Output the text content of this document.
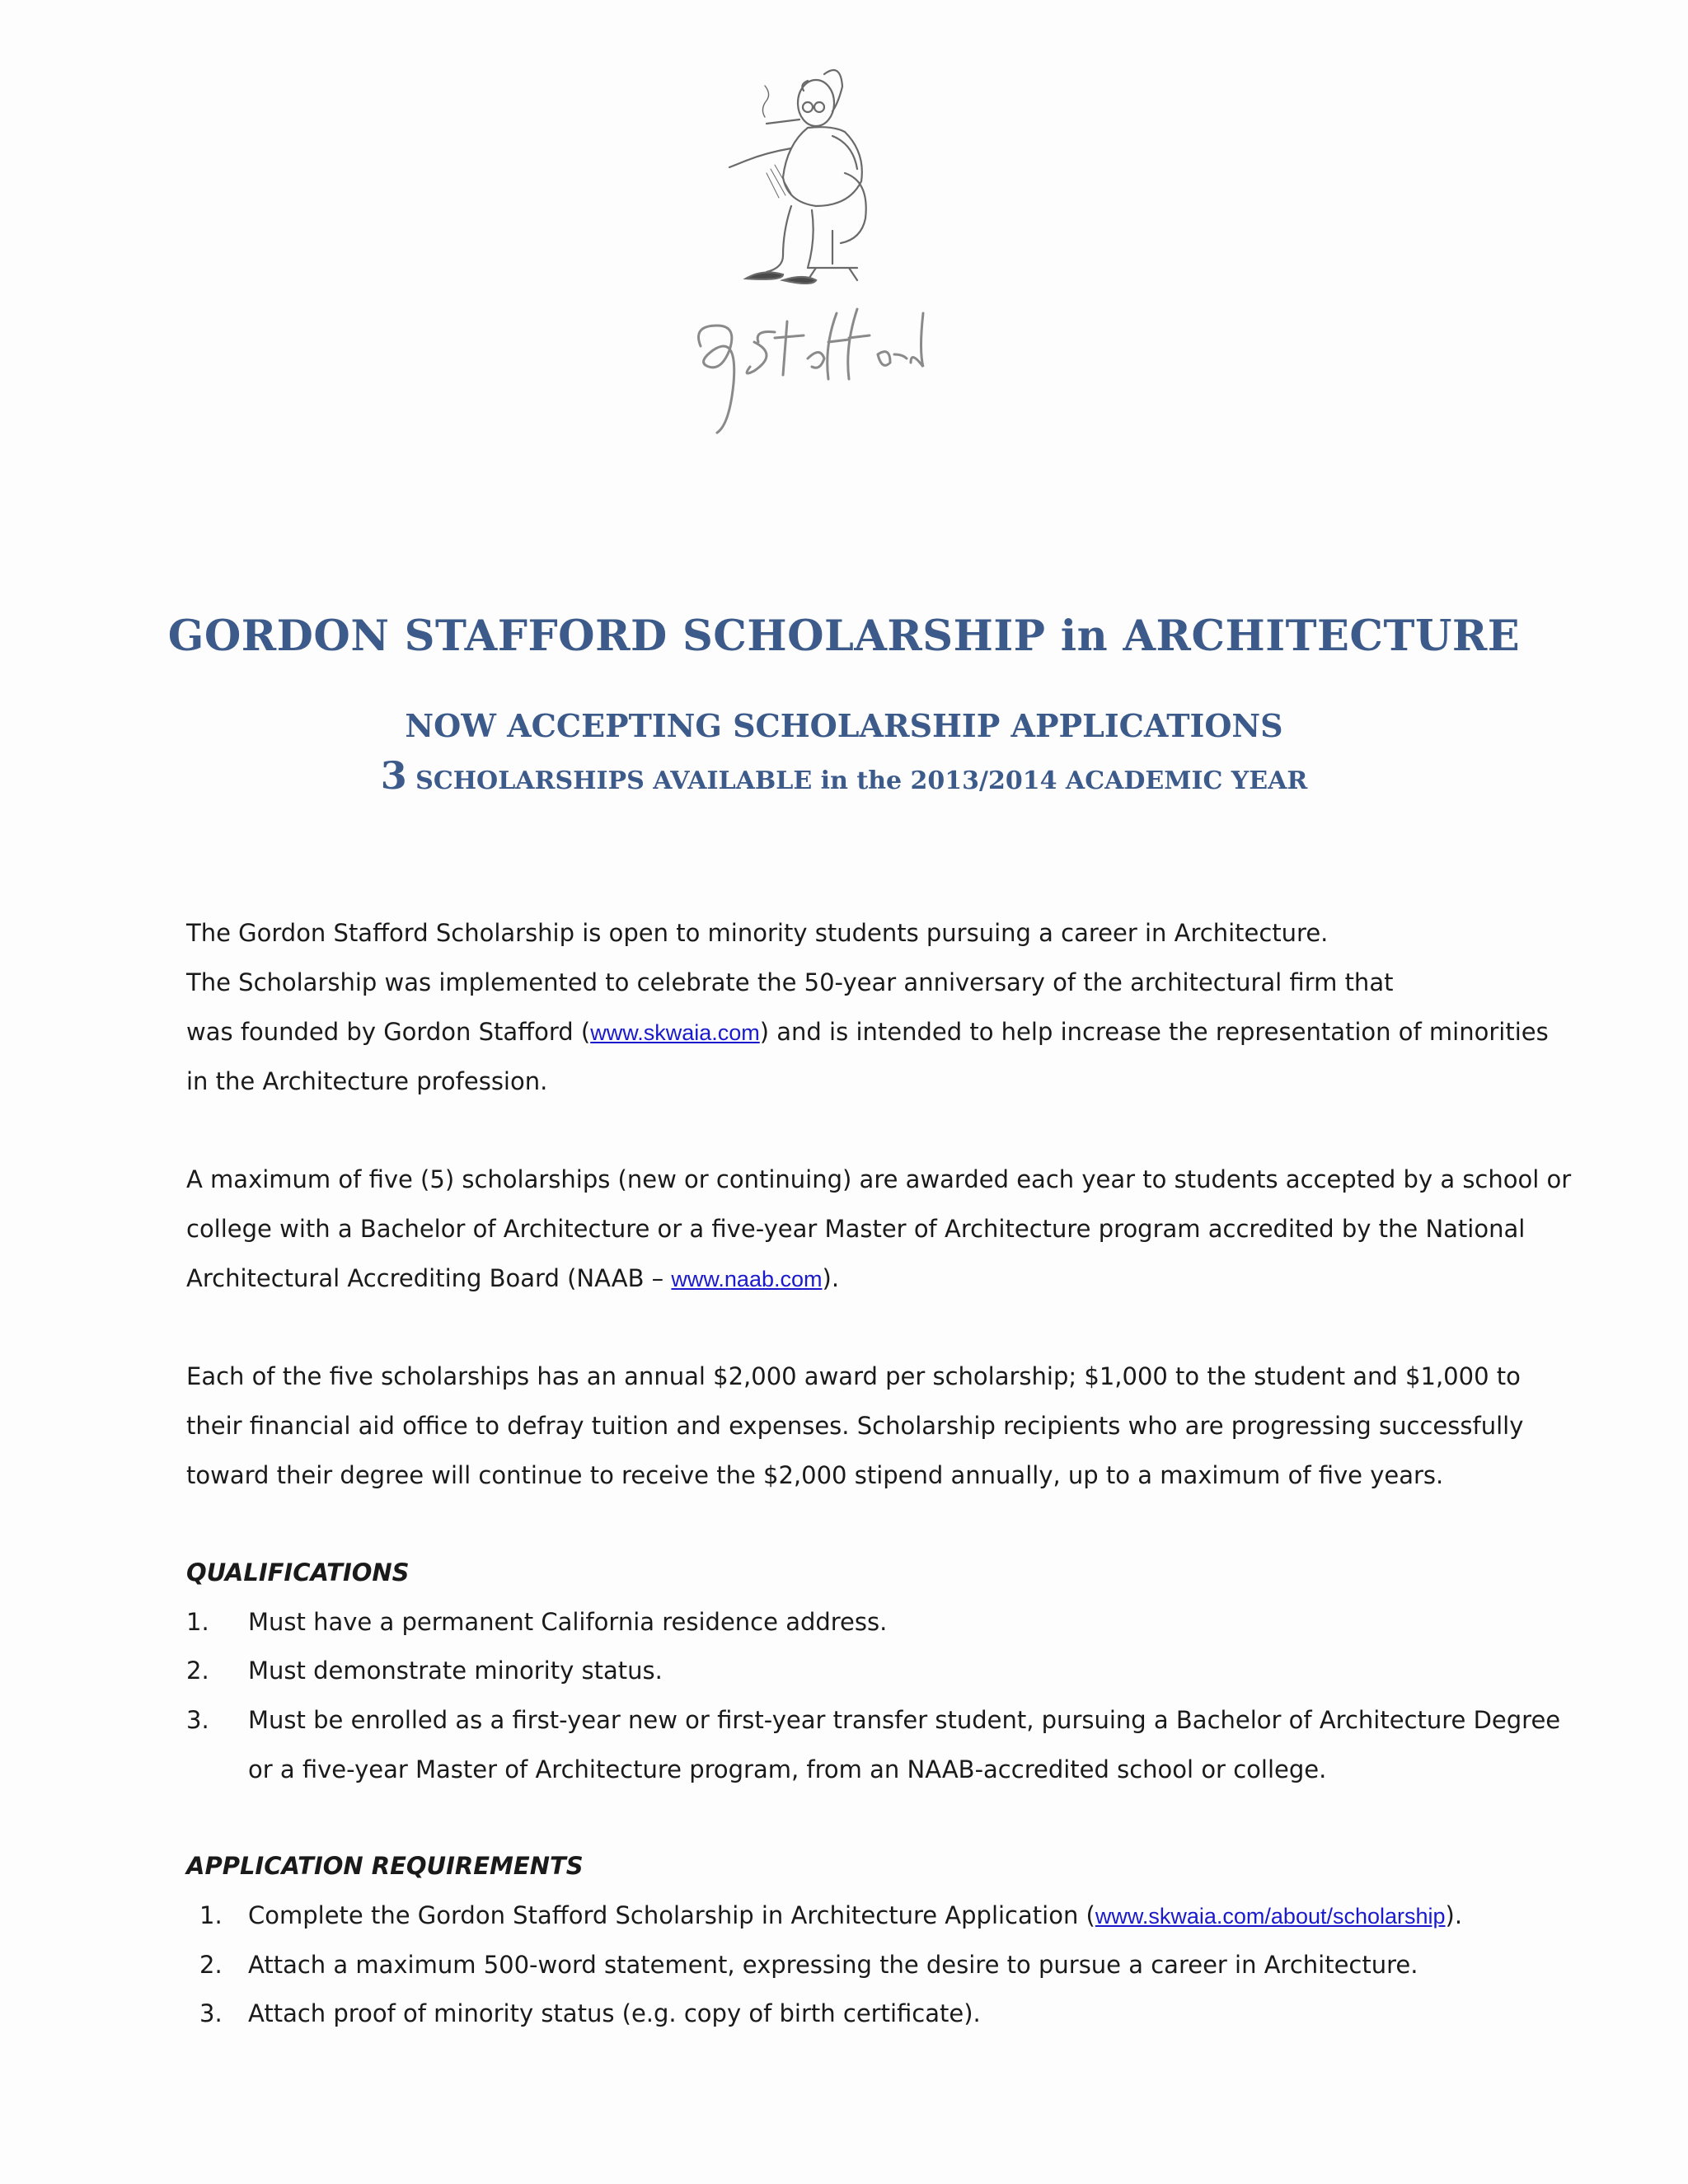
GORDON STAFFORD SCHOLARSHIP in ARCHITECTURE
NOW ACCEPTING SCHOLARSHIP APPLICATIONS
3 SCHOLARSHIPS AVAILABLE in the 2013/2014 ACADEMIC YEAR
The Gordon Stafford Scholarship is open to minority students pursuing a career in Architecture.
The Scholarship was implemented to celebrate the 50-year anniversary of the architectural firm that
was founded by Gordon Stafford (www.skwaia.com) and is intended to help increase the representation of minorities
in the Architecture profession.
A maximum of five (5) scholarships (new or continuing) are awarded each year to students accepted by a school or
college with a Bachelor of Architecture or a five-year Master of Architecture program accredited by the National
Architectural Accrediting Board (NAAB – www.naab.com).
Each of the five scholarships has an annual $2,000 award per scholarship; $1,000 to the student and $1,000 to
their financial aid office to defray tuition and expenses. Scholarship recipients who are progressing successfully
toward their degree will continue to receive the $2,000 stipend annually, up to a maximum of five years.
QUALIFICATIONS
1. Must have a permanent California residence address.
2. Must demonstrate minority status.
3. Must be enrolled as a first-year new or first-year transfer student, pursuing a Bachelor of Architecture Degree
or a five-year Master of Architecture program, from an NAAB-accredited school or college.
APPLICATION REQUIREMENTS
1. Complete the Gordon Stafford Scholarship in Architecture Application (www.skwaia.com/about/scholarship).
2. Attach a maximum 500-word statement, expressing the desire to pursue a career in Architecture.
3. Attach proof of minority status (e.g. copy of birth certificate).
